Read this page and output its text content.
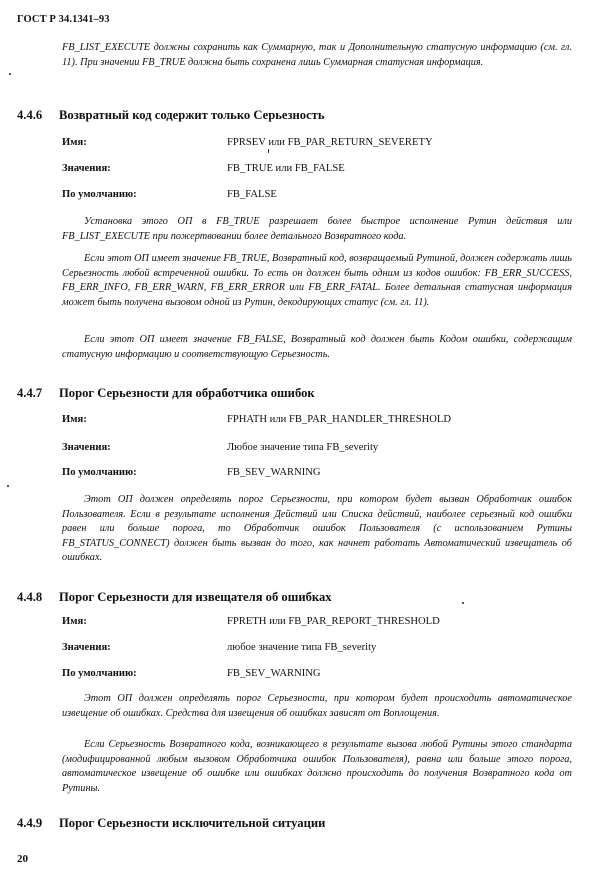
ГОСТ Р 34.1341–93

FB_LIST_EXECUTE должны сохранить как Суммарную, так и Дополнительную статусную информацию (см. гл. 11). При значении FB_TRUE должна быть сохранена лишь Суммарная статусная информация.

4.4.6 Возвратный код содержит только Серьезность
Имя:	FPRSEV или FB_PAR_RETURN_SEVERETY
Значения:	FB_TRUE или FB_FALSE
По умолчанию:	FB_FALSE

Установка этого ОП в FB_TRUE разрешает более быстрое исполнение Рутин действия или FB_LIST_EXECUTE при пожертвовании более детального Возвратного кода.

Если этот ОП имеет значение FB_TRUE, Возвратный код, возвращаемый Рутиной, должен содержать лишь Серьезность любой встреченной ошибки. То есть он должен быть одним из кодов ошибок: FB_ERR_SUCCESS, FB_ERR_INFO, FB_ERR_WARN, FB_ERR_ERROR или FB_ERR_FATAL. Более детальная статусная информация может быть получена вызовом одной из Рутин, декодирующих статус (см. гл. 11).

Если этот ОП имеет значение FB_FALSE, Возвратный код должен быть Кодом ошибки, содержащим статусную информацию и соответствующую Серьезность.

4.4.7 Порог Серьезности для обработчика ошибок
Имя:	FPHATH или FB_PAR_HANDLER_THRESHOLD
Значения:	Любое значение типа FB_severity
По умолчанию:	FB_SEV_WARNING

Этот ОП должен определять порог Серьезности, при котором будет вызван Обработчик ошибок Пользователя. Если в результате исполнения Действий или Списка действий, наиболее серьезный код ошибки равен или больше порога, то Обработчик ошибок Пользователя (с использованием Рутины FB_STATUS_CONNECT) должен быть вызван до того, как начнет работать Автоматический извещатель об ошибках.

4.4.8 Порог Серьезности для извещателя об ошибках
Имя:	FPRETH или FB_PAR_REPORT_THRESHOLD
Значения:	любое значение типа FB_severity
По умолчанию:	FB_SEV_WARNING

Этот ОП должен определять порог Серьезности, при котором будет происходить автоматическое извещение об ошибках. Средства для извещения об ошибках зависят от Воплощения.

Если Серьезность Возвратного кода, возникающего в результате вызова любой Рутины этого стандарта (модифицированной любым вызовом Обработчика ошибок Пользователя), равна или больше этого порога, автоматическое извещение об ошибке или ошибках должно происходить до получения Возвратного кода от Рутины.

4.4.9 Порог Серьезности исключительной ситуации
20
